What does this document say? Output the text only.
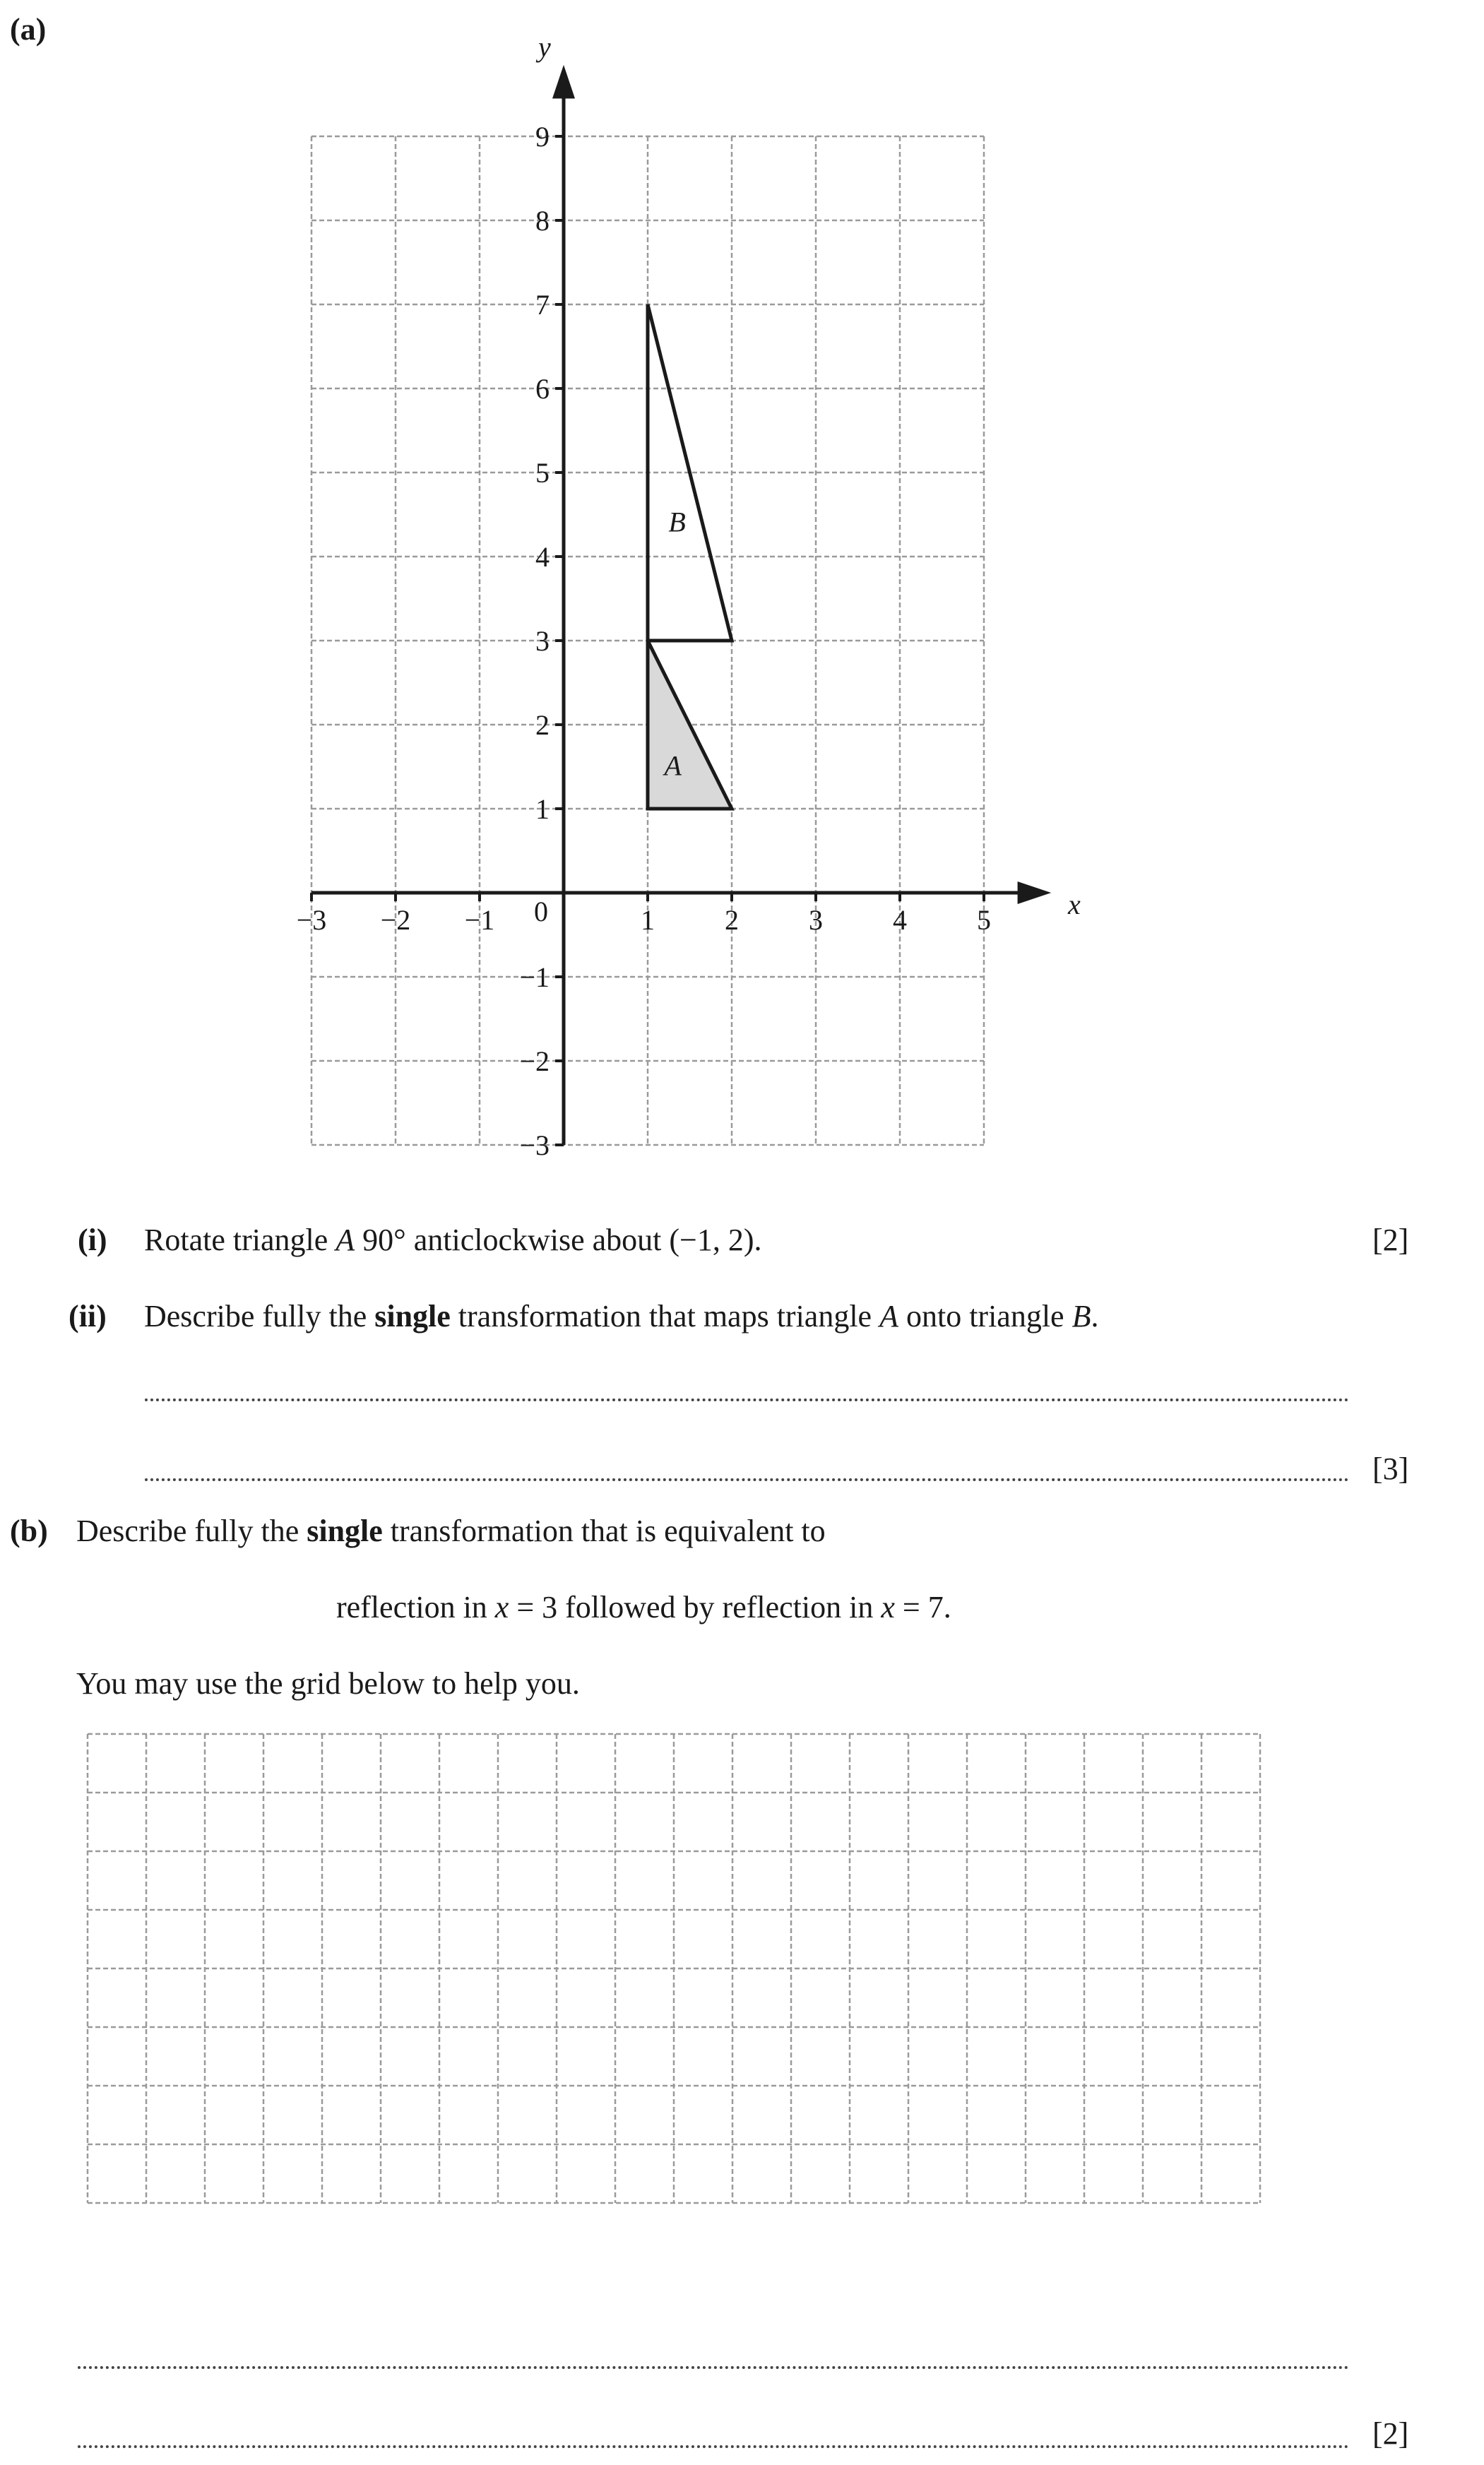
(a)
−3 −2 −1	1 2 3 4 5
−3
−2
−1
1
2
3
4
5
6
7
8
9
A
B
x
y
0
(i) Rotate triangle A 90° anticlockwise about (−1, 2).	[2]
(ii) Describe fully the single transformation that maps triangle A onto triangle B.
[3]
(b) Describe fully the single transformation that is equivalent to
reflection in x = 3 followed by reflection in x = 7.
You may use the grid below to help you.
[2]
